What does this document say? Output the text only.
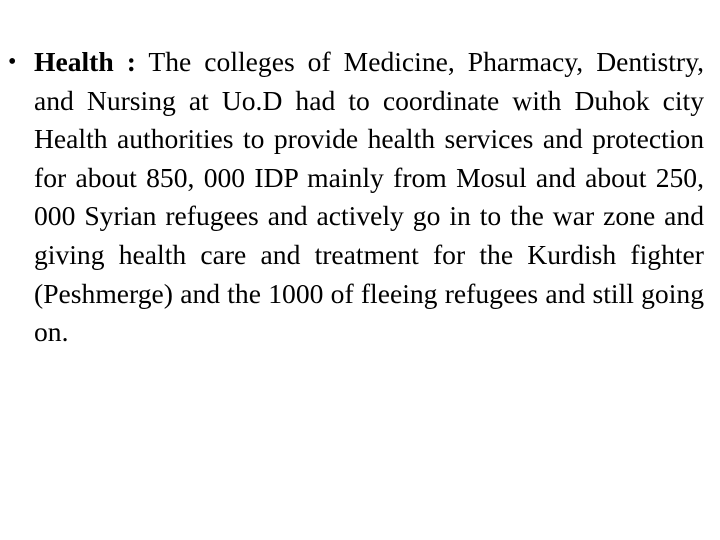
• Health : The colleges of Medicine, Pharmacy, Dentistry, and Nursing at Uo.D had to coordinate with Duhok city Health authorities to provide health services and protection for about 850, 000 IDP mainly from Mosul and about 250, 000 Syrian refugees and actively go in to the war zone and giving health care and treatment for the Kurdish fighter (Peshmerge) and the 1000 of fleeing refugees and still going on.
